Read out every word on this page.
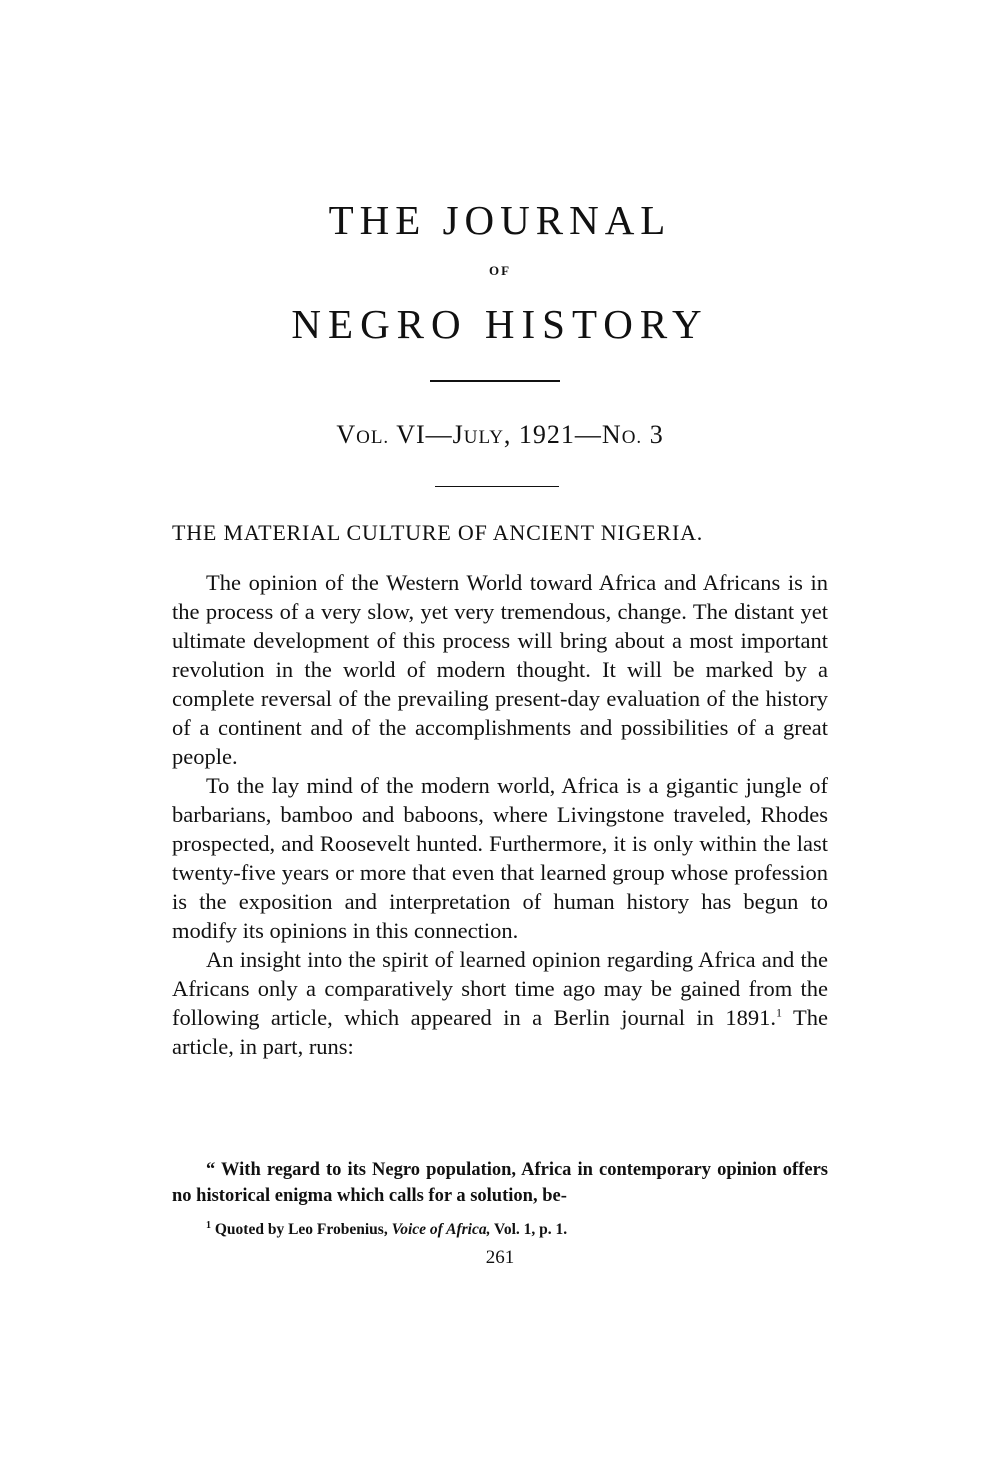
THE JOURNAL
OF
NEGRO HISTORY
VOL. VI—JULY, 1921—NO. 3
THE MATERIAL CULTURE OF ANCIENT NIGERIA.

The opinion of the Western World toward Africa and Africans is in the process of a very slow, yet very tremendous, change. The distant yet ultimate development of this process will bring about a most important revolution in the world of modern thought. It will be marked by a complete reversal of the prevailing present-day evaluation of the history of a continent and of the accomplishments and possibilities of a great people.

To the lay mind of the modern world, Africa is a gigantic jungle of barbarians, bamboo and baboons, where Livingstone traveled, Rhodes prospected, and Roosevelt hunted. Furthermore, it is only within the last twenty-five years or more that even that learned group whose profession is the exposition and interpretation of human history has begun to modify its opinions in this connection.

An insight into the spirit of learned opinion regarding Africa and the Africans only a comparatively short time ago may be gained from the following article, which appeared in a Berlin journal in 1891.$^1$ The article, in part, runs:

“ With regard to its Negro population, Africa in contemporary opinion offers no historical enigma which calls for a solution, be-

$^1$ Quoted by Leo Frobenius, Voice of Africa, Vol. 1, p. 1.
261
